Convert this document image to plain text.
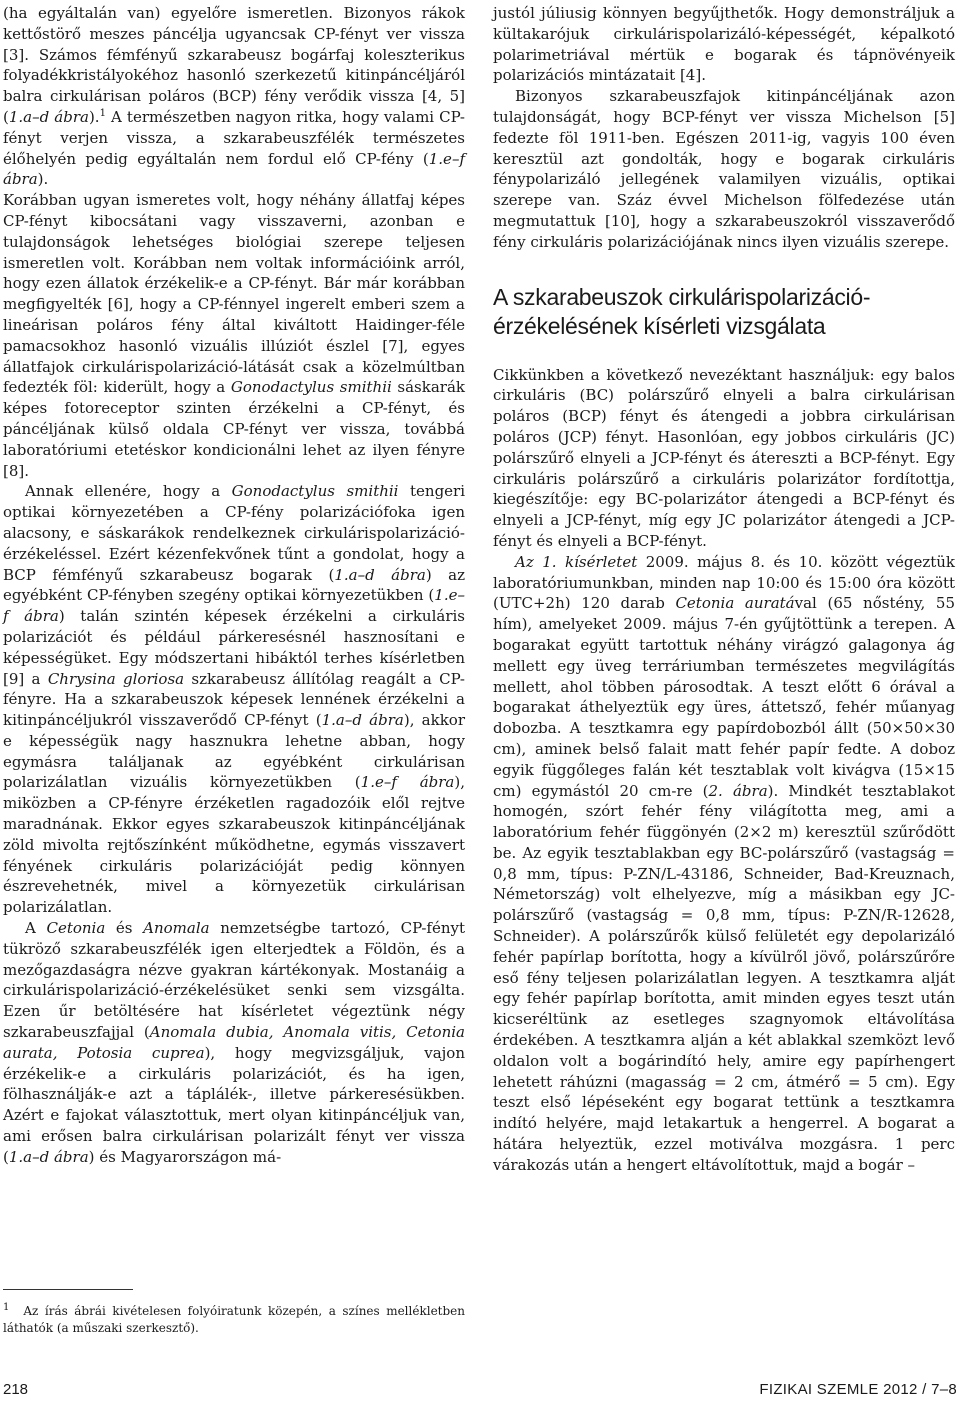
(ha egyáltalán van) egyelőre ismeretlen. Bizonyos rákok kettőstörő meszes páncélja ugyancsak CP-fényt ver vissza [3]. Számos fémfényű szkarabeusz bogárfaj koleszterikus folyadékkristályokéhoz hasonló szerkezetű kitinpáncéljáról balra cirkulárisan poláros (BCP) fény verődik vissza [4, 5] (1.a–d ábra).$^1$ A természetben nagyon ritka, hogy valami CP-fényt verjen vissza, a szkarabeuszfélék természetes élőhelyén pedig egyáltalán nem fordul elő CP-fény (1.e–f ábra).

Korábban ugyan ismeretes volt, hogy néhány állatfaj képes CP-fényt kibocsátani vagy visszaverni, azonban e tulajdonságok lehetséges biológiai szerepe teljesen ismeretlen volt. Korábban nem voltak információink arról, hogy ezen állatok érzékelik-e a CP-fényt. Bár már korábban megfigyelték [6], hogy a CP-fénnyel ingerelt emberi szem a lineárisan poláros fény által kiváltott Haidinger-féle pamacsokhoz hasonló vizuális illúziót észlel [7], egyes állatfajok cirkulárispolarizáció-látását csak a közelmúltban fedezték föl: kiderült, hogy a Gonodactylus smithii sáskarák képes fotoreceptor szinten érzékelni a CP-fényt, és páncéljának külső oldala CP-fényt ver vissza, továbbá laboratóriumi etetéskor kondicionálni lehet az ilyen fényre [8].

Annak ellenére, hogy a Gonodactylus smithii tengeri optikai környezetében a CP-fény polarizációfoka igen alacsony, e sáskarákok rendelkeznek cirkulárispolarizáció-érzékeléssel. Ezért kézenfekvőnek tűnt a gondolat, hogy a BCP fémfényű szkarabeusz bogarak (1.a–d ábra) az egyébként CP-fényben szegény optikai környezetükben (1.e–f ábra) talán szintén képesek érzékelni a cirkuláris polarizációt és például párkeresésnél hasznosítani e képességüket. Egy módszertani hibáktól terhes kísérletben [9] a Chrysina gloriosa szkarabeusz állítólag reagált a CP-fényre. Ha a szkarabeuszok képesek lennének érzékelni a kitinpáncéljukról visszaverődő CP-fényt (1.a–d ábra), akkor e képességük nagy hasznukra lehetne abban, hogy egymásra találjanak az egyébként cirkulárisan polarizálatlan vizuális környezetükben (1.e–f ábra), miközben a CP-fényre érzéketlen ragadozóik elől rejtve maradnának. Ekkor egyes szkarabeuszok kitinpáncéljának zöld mivolta rejtőszínként működhetne, egymás visszavert fényének cirkuláris polarizációját pedig könnyen észrevehetnék, mivel a környezetük cirkulárisan polarizálatlan.

A Cetonia és Anomala nemzetségbe tartozó, CP-fényt tükröző szkarabeuszfélék igen elterjedtek a Földön, és a mezőgazdaságra nézve gyakran kártékonyak. Mostanáig a cirkulárispolarizáció-érzékelésüket senki sem vizsgálta. Ezen űr betöltésére hat kísérletet végeztünk négy szkarabeuszfajjal (Anomala dubia, Anomala vitis, Cetonia aurata, Potosia cuprea), hogy megvizsgáljuk, vajon érzékelik-e a cirkuláris polarizációt, és ha igen, fölhasználják-e azt a táplálék-, illetve párkeresésükben. Azért e fajokat választottuk, mert olyan kitinpáncéljuk van, ami erősen balra cirkulárisan polarizált fényt ver vissza (1.a–d ábra) és Magyarországon má-

$^1$ Az írás ábrái kivételesen folyóiratunk közepén, a színes mellékletben láthatók (a műszaki szerkesztő).

justól júliusig könnyen begyűjthetők. Hogy demonstráljuk a kültakarójuk cirkulárispolarizáló-képességét, képalkotó polarimetriával mértük e bogarak és tápnövényeik polarizációs mintázatait [4].

Bizonyos szkarabeuszfajok kitinpáncéljának azon tulajdonságát, hogy BCP-fényt ver vissza Michelson [5] fedezte föl 1911-ben. Egészen 2011-ig, vagyis 100 éven keresztül azt gondolták, hogy e bogarak cirkuláris fénypolarizáló jellegének valamilyen vizuális, optikai szerepe van. Száz évvel Michelson fölfedezése után megmutattuk [10], hogy a szkarabeuszokról visszaverődő fény cirkuláris polarizációjának nincs ilyen vizuális szerepe.

A szkarabeuszok cirkulárispolarizáció-érzékelésének kísérleti vizsgálata

Cikkünkben a következő nevezéktant használjuk: egy balos cirkuláris (BC) polárszűrő elnyeli a balra cirkulárisan poláros (BCP) fényt és átengedi a jobbra cirkulárisan poláros (JCP) fényt. Hasonlóan, egy jobbos cirkuláris (JC) polárszűrő elnyeli a JCP-fényt és átereszti a BCP-fényt. Egy cirkuláris polárszűrő a cirkuláris polarizátor fordítottja, kiegészítője: egy BC-polarizátor átengedi a BCP-fényt és elnyeli a JCP-fényt, míg egy JC polarizátor átengedi a JCP-fényt és elnyeli a BCP-fényt.

Az 1. kísérletet 2009. május 8. és 10. között végeztük laboratóriumunkban, minden nap 10:00 és 15:00 óra között (UTC+2h) 120 darab Cetonia auratával (65 nőstény, 55 hím), amelyeket 2009. május 7-én gyűjtöttünk a terepen. A bogarakat együtt tartottuk néhány virágzó galagonya ág mellett egy üveg terráriumban természetes megvilágítás mellett, ahol többen párosodtak. A teszt előtt 6 órával a bogarakat áthelyeztük egy üres, áttetsző, fehér műanyag dobozba. A tesztkamra egy papírdobozból állt (50×50×30 cm), aminek belső falait matt fehér papír fedte. A doboz egyik függőleges falán két tesztablak volt kivágva (15×15 cm) egymástól 20 cm-re (2. ábra). Mindkét tesztablakot homogén, szórt fehér fény világította meg, ami a laboratórium fehér függönyén (2×2 m) keresztül szűrődött be. Az egyik tesztablakban egy BC-polárszűrő (vastagság = 0,8 mm, típus: P-ZN/L-43186, Schneider, Bad-Kreuznach, Németország) volt elhelyezve, míg a másikban egy JC-polárszűrő (vastagság = 0,8 mm, típus: P-ZN/R-12628, Schneider). A polárszűrők külső felületét egy depolarizáló fehér papírlap borította, hogy a kívülről jövő, polárszűrőre eső fény teljesen polarizálatlan legyen. A tesztkamra alját egy fehér papírlap borította, amit minden egyes teszt után kicseréltünk az esetleges szagnyomok eltávolítása érdekében. A tesztkamra alján a két ablakkal szemközt levő oldalon volt a bogárindító hely, amire egy papírhengert lehetett ráhúzni (magasság = 2 cm, átmérő = 5 cm). Egy teszt első lépéseként egy bogarat tettünk a tesztkamra indító helyére, majd letakartuk a hengerrel. A bogarat a hátára helyeztük, ezzel motiválva mozgásra. 1 perc várakozás után a hengert eltávolítottuk, majd a bogár –

218	FIZIKAI SZEMLE 2012 / 7–8
